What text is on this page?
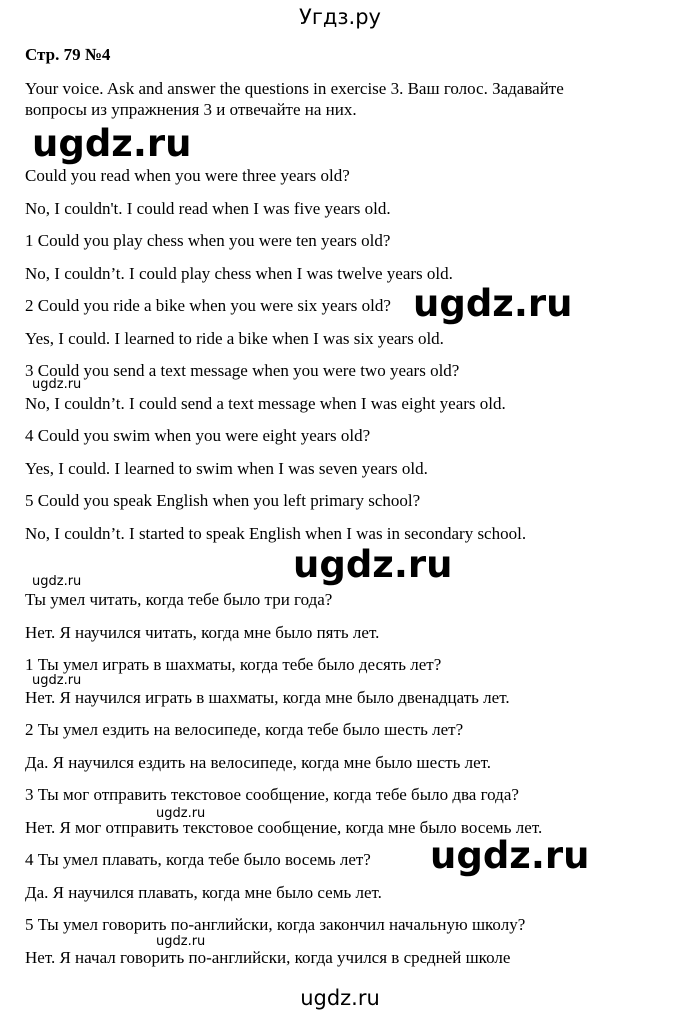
Угдз.ру
Стр. 79 №4
Your voice. Ask and answer the questions in exercise 3. Ваш голос. Задавайте вопросы из упражнения 3 и отвечайте на них.
Could you read when you were three years old?
No, I couldn't. I could read when I was five years old.
1 Could you play chess when you were ten years old?
No, I couldn’t. I could play chess when I was twelve years old.
2 Could you ride a bike when you were six years old?
Yes, I could. I learned to ride a bike when I was six years old.
3 Could you send a text message when you were two years old?
No, I couldn’t. I could send a text message when I was eight years old.
4 Could you swim when you were eight years old?
Yes, I could. I learned to swim when I was seven years old.
5 Could you speak English when you left primary school?
No, I couldn’t. I started to speak English when I was in secondary school.
Ты умел читать, когда тебе было три года?
Нет. Я научился читать, когда мне было пять лет.
1 Ты умел играть в шахматы, когда тебе было десять лет?
Нет. Я научился играть в шахматы, когда мне было двенадцать лет.
2 Ты умел ездить на велосипеде, когда тебе было шесть лет?
Да. Я научился ездить на велосипеде, когда мне было шесть лет.
3 Ты мог отправить текстовое сообщение, когда тебе было два года?
Нет. Я мог отправить текстовое сообщение, когда мне было восемь лет.
4 Ты умел плавать, когда тебе было восемь лет?
Да. Я научился плавать, когда мне было семь лет.
5 Ты умел говорить по-английски, когда закончил начальную школу?
Нет. Я начал говорить по-английски, когда учился в средней школе
ugdz.ru
ugdz.ru
ugdz.ru
ugdz.ru
ugdz.ru
ugdz.ru
ugdz.ru
ugdz.ru
ugdz.ru
ugdz.ru
